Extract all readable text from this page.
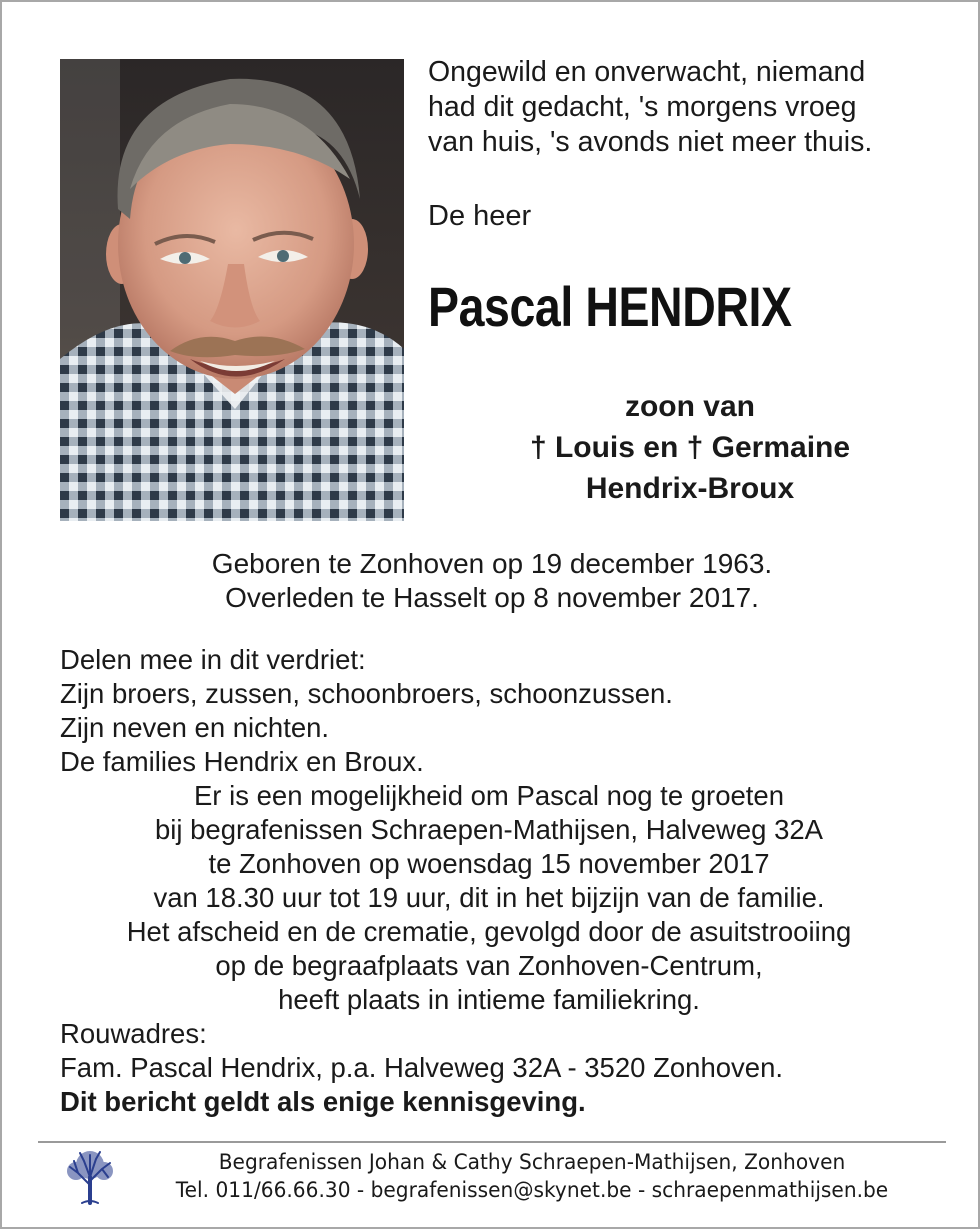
Ongewild en onverwacht, niemand
had dit gedacht, 's morgens vroeg
van huis, 's avonds niet meer thuis.
De heer
Pascal HENDRIX
zoon van
† Louis en † Germaine
Hendrix-Broux
Geboren te Zonhoven op 19 december 1963.
Overleden te Hasselt op 8 november 2017.
Delen mee in dit verdriet:
Zijn broers, zussen, schoonbroers, schoonzussen.
Zijn neven en nichten.
De families Hendrix en Broux.
Er is een mogelijkheid om Pascal nog te groeten
bij begrafenissen Schraepen-Mathijsen, Halveweg 32A
te Zonhoven op woensdag 15 november 2017
van 18.30 uur tot 19 uur, dit in het bijzijn van de familie.
Het afscheid en de crematie, gevolgd door de asuitstrooiing
op de begraafplaats van Zonhoven-Centrum,
heeft plaats in intieme familiekring.
Rouwadres:
Fam. Pascal Hendrix, p.a. Halveweg 32A - 3520 Zonhoven.
Dit bericht geldt als enige kennisgeving.
Begrafenissen Johan & Cathy Schraepen-Mathijsen, Zonhoven
Tel. 011/66.66.30 - begrafenissen@skynet.be - schraepenmathijsen.be
